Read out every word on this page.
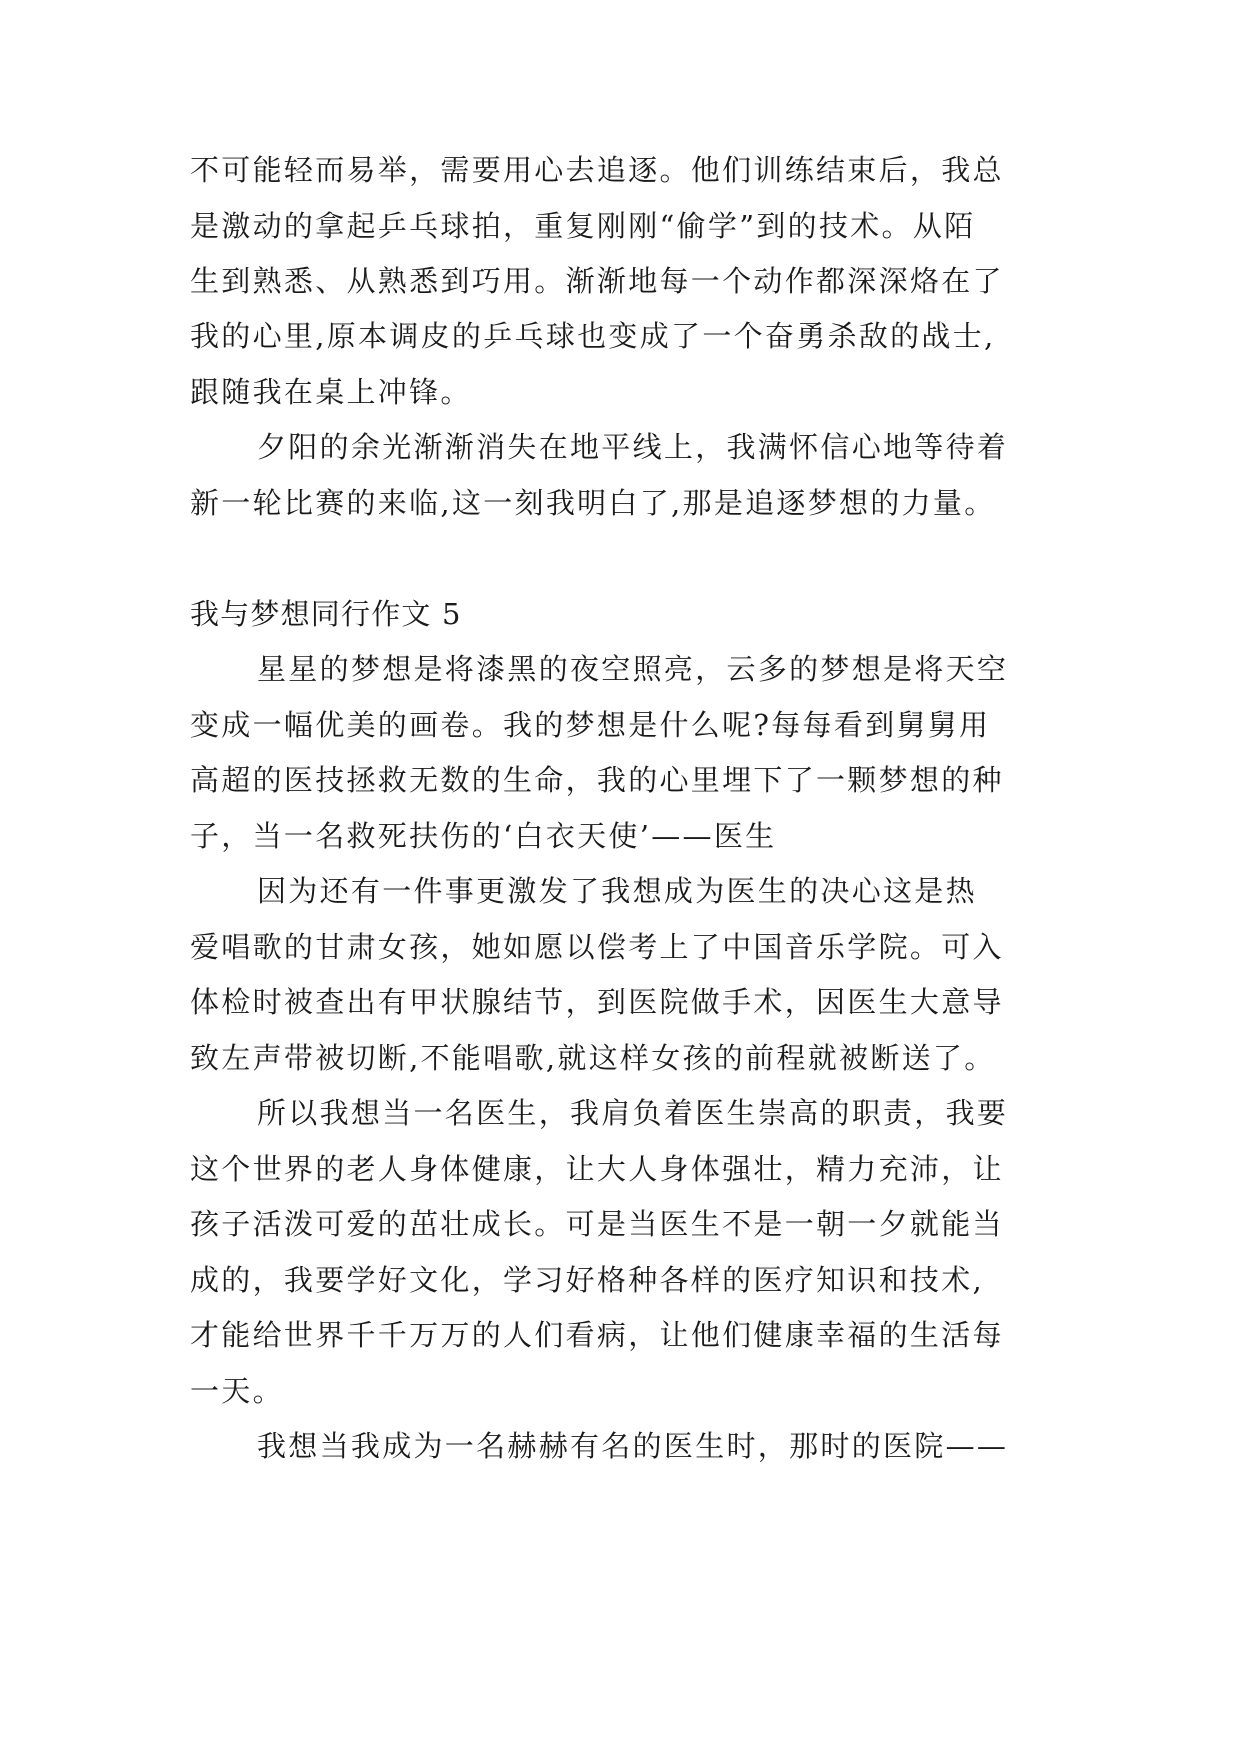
不可能轻而易举，需要用心去追逐。他们训练结束后，我总
是激动的拿起乒乓球拍，重复刚刚“偷学”到的技术。从陌
生到熟悉、从熟悉到巧用。渐渐地每一个动作都深深烙在了
我的心里,原本调皮的乒乓球也变成了一个奋勇杀敌的战士,
跟随我在桌上冲锋。
夕阳的余光渐渐消失在地平线上，我满怀信心地等待着
新一轮比赛的来临,这一刻我明白了,那是追逐梦想的力量。
我与梦想同行作文 5
星星的梦想是将漆黑的夜空照亮，云多的梦想是将天空
变成一幅优美的画卷。我的梦想是什么呢?每每看到舅舅用
高超的医技拯救无数的生命，我的心里埋下了一颗梦想的种
子，当一名救死扶伤的‘白衣天使’——医生
因为还有一件事更激发了我想成为医生的决心这是热
爱唱歌的甘肃女孩，她如愿以偿考上了中国音乐学院。可入
体检时被查出有甲状腺结节，到医院做手术，因医生大意导
致左声带被切断,不能唱歌,就这样女孩的前程就被断送了。
所以我想当一名医生，我肩负着医生崇高的职责，我要
这个世界的老人身体健康，让大人身体强壮，精力充沛，让
孩子活泼可爱的茁壮成长。可是当医生不是一朝一夕就能当
成的，我要学好文化，学习好格种各样的医疗知识和技术,
才能给世界千千万万的人们看病，让他们健康幸福的生活每
一天。
我想当我成为一名赫赫有名的医生时，那时的医院——
